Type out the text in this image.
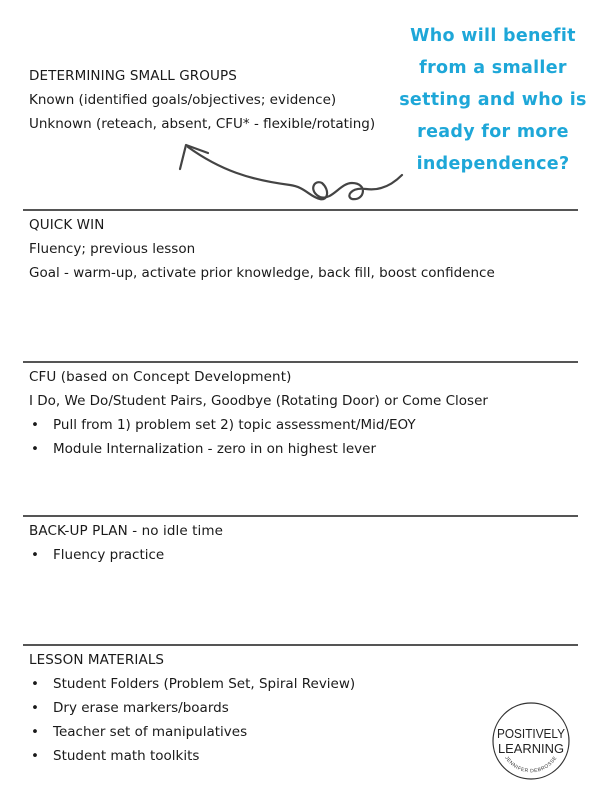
DETERMINING SMALL GROUPS
Known (identified goals/objectives; evidence)
Unknown (reteach, absent, CFU* - flexible/rotating)
Who will benefit
from a smaller
setting and who is
ready for more
independence?
QUICK WIN
Fluency; previous lesson
Goal - warm-up, activate prior knowledge, back fill, boost confidence
CFU (based on Concept Development)
I Do, We Do/Student Pairs, Goodbye (Rotating Door) or Come Closer
• Pull from 1) problem set 2) topic assessment/Mid/EOY
• Module Internalization - zero in on highest lever
BACK-UP PLAN - no idle time
• Fluency practice
LESSON MATERIALS
• Student Folders (Problem Set, Spiral Review)
• Dry erase markers/boards
• Teacher set of manipulatives
• Student math toolkits
POSITIVELY
LEARNING
JENNIFER DEBROSSE
